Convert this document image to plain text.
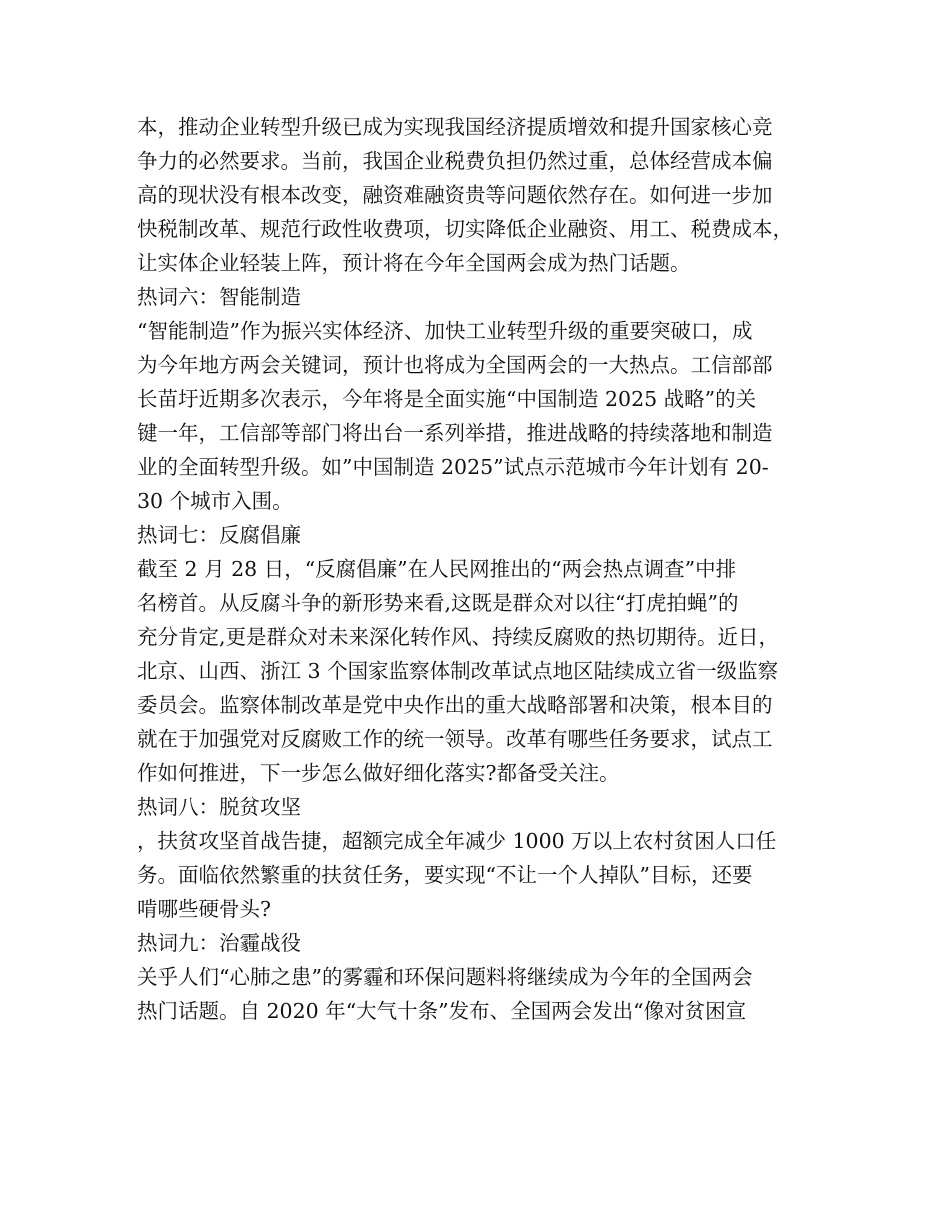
本，推动企业转型升级已成为实现我国经济提质增效和提升国家核心竞
争力的必然要求。当前，我国企业税费负担仍然过重，总体经营成本偏
高的现状没有根本改变，融资难融资贵等问题依然存在。如何进一步加
快税制改革、规范行政性收费项，切实降低企业融资、用工、税费成本，
让实体企业轻装上阵，预计将在今年全国两会成为热门话题。
热词六：智能制造
“智能制造”作为振兴实体经济、加快工业转型升级的重要突破口，成
为今年地方两会关键词，预计也将成为全国两会的一大热点。工信部部
长苗圩近期多次表示，今年将是全面实施“中国制造 2025 战略”的关
键一年，工信部等部门将出台一系列举措，推进战略的持续落地和制造
业的全面转型升级。如”中国制造 2025”试点示范城市今年计划有 20-
30 个城市入围。
热词七：反腐倡廉
截至 2 月 28 日，“反腐倡廉”在人民网推出的“两会热点调查”中排
名榜首。从反腐斗争的新形势来看,这既是群众对以往“打虎拍蝇”的
充分肯定,更是群众对未来深化转作风、持续反腐败的热切期待。近日，
北京、山西、浙江 3 个国家监察体制改革试点地区陆续成立省一级监察
委员会。监察体制改革是党中央作出的重大战略部署和决策，根本目的
就在于加强党对反腐败工作的统一领导。改革有哪些任务要求，试点工
作如何推进，下一步怎么做好细化落实?都备受关注。
热词八：脱贫攻坚
，扶贫攻坚首战告捷，超额完成全年减少 1000 万以上农村贫困人口任
务。面临依然繁重的扶贫任务，要实现“不让一个人掉队”目标，还要
啃哪些硬骨头?
热词九：治霾战役
关乎人们“心肺之患”的雾霾和环保问题料将继续成为今年的全国两会
热门话题。自 2020 年“大气十条”发布、全国两会发出“像对贫困宣
